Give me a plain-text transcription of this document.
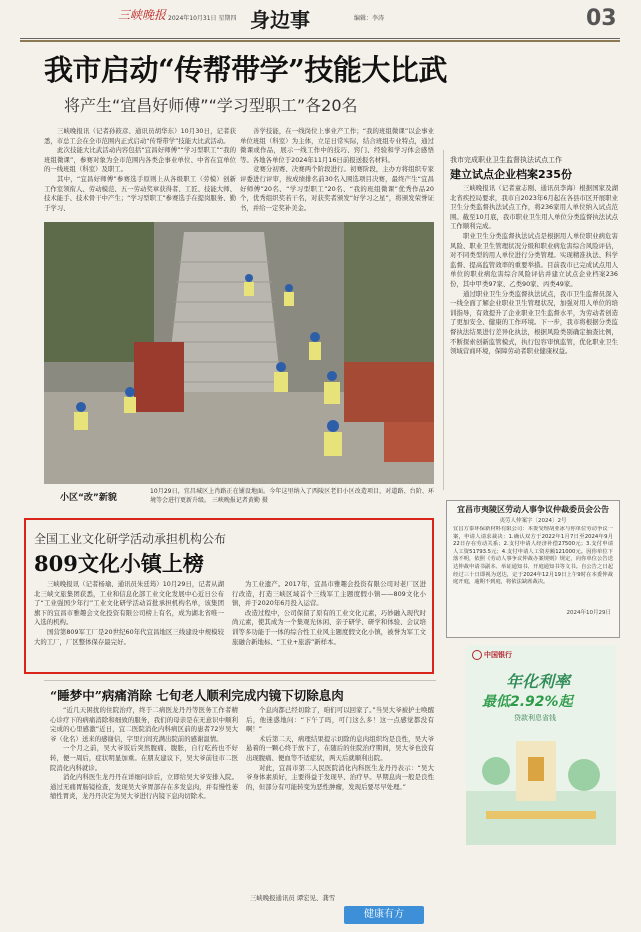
三峡晚报 2024年10月31日 星期四 身边事	编辑：李涛	03
我市启动“传帮带学”技能大比武
将产生“宜昌好师傅”“学习型职工”各20名

三峡晚报讯（记者孙筱彦、通讯员胡华东）10月30日，记者获悉，市总工会在全市范围内正式启动“传帮带学”技能大比武活动。

此次技能大比武活动内容包括“宜昌好师傅”“学习型职工”“我的班组微课”，参赛对象为全市范围内各类企事业单位、中省在宜单位的一线班组（科室）及职工。

其中，“宜昌好师傅”参赛选手原则上从各级职工（劳模）创新工作室领衔人、劳动模范、五一劳动奖章获得者、工匠、技能大师、技术能手、技术骨干中产生；“学习型职工”参赛选手在提岗服务、勤于学习、

善学技能，在一线岗位上事业产工作；“我的班组微课”以企事业单位班组（科室）为主体，立足日常实际，结合班组专业特点，通过微课或作品，展示一线工作中的技巧、窍门、经验和学习体会感悟等。各地各单位于2024年11月16日前报送报名材料。

竞赛分初赛、决赛两个阶段进行。初赛阶段，主办方将组织专家评委进行评审，按成绩排名前30名入围选项目决赛，最终产生“宜昌好师傅”20名、“学习型职工”20名、“我的班组微课”优秀作品20个，优秀组织奖若干名，对获奖者颁发“好学习之星”，将颁发荣誉证书，并给一定奖补美金。

小区“改”新貌
10月29日，宜昌城区上肖路正在铺设地面。今年这里纳入了西陵区老旧小区改造项目，对道路、台阶、环境等会进行更新升级。 三峡晚报记者黄勤 摄
我市完成职业卫生监督执法试点工作
建立试点企业档案235份

三峡晚报讯（记者童志刚、通讯员李海）根据国家及湖北省疾控局要求，我市自2023年6月起在各县市区开展职业卫生分类监督执法试点工作，将236家用人单位纳入试点范围。截至10月底，我市职业卫生用人单位分类监督执法试点工作顺利完成。

职业卫生分类监督执法试点是根据用人单位职业病危害风险、职业卫生管理状况分级和职业病危害综合风险评估，对不同类型的用人单位进行分类管理。实现精准执法、科学监督、提高监管效率的重要举措。目前我市已完成试点用人单位的职业病危害综合风险评估并建立试点企业档案236份，其中甲类97家、乙类90家、丙类49家。

通过职业卫生分类监督执法试点，我市卫生监督员深入一线全面了解企业职业卫生管理状况，加强对用人单位的培训指导，有效提升了企业职业卫生监督水平，为劳动者创造了更加安全、健康的工作环境。下一步，我市将根据分类监督执法结果进行差异化执法，根据风险类别确定抽查比例，不断探索创新监管模式，执行包容审慎监管，优化职业卫生领域营商环境，保障劳动者职业健康权益。

宜昌市夷陵区劳动人事争议仲裁委员会公告
夷劳人仲案字〔2024〕2号
宜昌方泰环保新材料有限公司：本委受理胡亚冰与你单位劳动争议一案，申请人请求裁决：1.确认双方于2022年1月7日至2024年9月22日存在劳动关系；2.支付申请人经济补偿27500元；3.支付申请人工资51793.5元；4.支付申请人工资差额121000元。因你单位下落不明，依照《劳动人事争议仲裁办案规则》规定，向你单位公告送达仲裁申请书副本、举证通知书、开庭通知书等文书。自公告之日起经过三十日即视为送达，定于2024年12月19日上午9时在本委仲裁庭开庭，逾期不到庭，将依法缺席裁决。
2024年10月29日
全国工业文化研学活动承担机构公布
809文化小镇上榜

三峡晚报讯（记者杨瑜、通讯员朱廷筠）10月29日，记者从湖北三峡文旅集团获悉，工业和信息化部工业文化发展中心近日公布了“工业强国少年行”工业文化研学活动首批承担机构名单，该集团旗下的宜昌市雅趣会文化投资有限公司榜上有名，成为湖北省唯一入选的机构。

国营第809军工厂是20世纪60年代宜昌地区三线建设中规模较大的工厂，厂区整体保存最完好。

为工业遗产。2017年，宜昌市雅趣会投资有限公司对老厂区进行改造，打造三峡区域首个三线军工主题度假小镇——809文化小镇，并于2020年6月投入运营。

改造过程中，公司保留了原有的工业文化元素，巧妙融入现代时尚元素，使其成为一个集观光休闲、亲子研学、研学和体验、会议培训等多功能于一体的综合性工业风主题度假文化小镇，被誉为军工文旅融合新地标、“工业+旅游”新样本。

“睡梦中”病痛消除 七旬老人顺利完成内镜下切除息肉

“近几天困扰的住院治疗，终于二病医龙丹丹等医务工作者精心诊疗下的病痛消除和细致的服务，我们的母亲是在无意识中顺利完成的心里感激”近日，宜二医院消化内科病区前的患者72岁吴大爷（化名）送来的感谢信，字里行间充满出院前的感谢温情。

一个月之前，吴大爷饭后突然腹痛、腹胀，自行吃药也不好转，便一周后，症状明显加重。在朋友建议下，吴大爷前往市二医院消化内科就诊。

消化内科医生龙丹丹在详细问诊后，立即给吴大爷安排入院。通过无痛胃肠镜检查，发现吴大爷胃部存在多发息肉，并有慢性萎缩性胃炎，龙丹丹决定为吴大爷进行内镜下息肉切除术。

个息肉都已经切除了，咱们可以回家了。”当吴大爷被护士唤醒后，他迷惑地问：“下午了吗，可门这么多！这一点感觉都没有啊！”

术后第二天，病理结果提示切除的息肉组织均是良性，吴大爷悬着的一颗心终于放下了，在随后的住院治疗期间，吴大爷也没有出现腹痛、便血等不适症状，两天后就顺利出院。

对此，宜昌市第二人民医院消化内科医生龙丹丹表示：“吴大爷身体素质好，主要得益于发现早、治疗早。早期息肉一般是良性的，但部分有可能转变为恶性肿瘤，发现后要尽早处理。”

三峡晚报通讯员 谭宏见、龚雪
健康有方
中国银行
年化利率
最低2.92%起
贷款利息省钱
